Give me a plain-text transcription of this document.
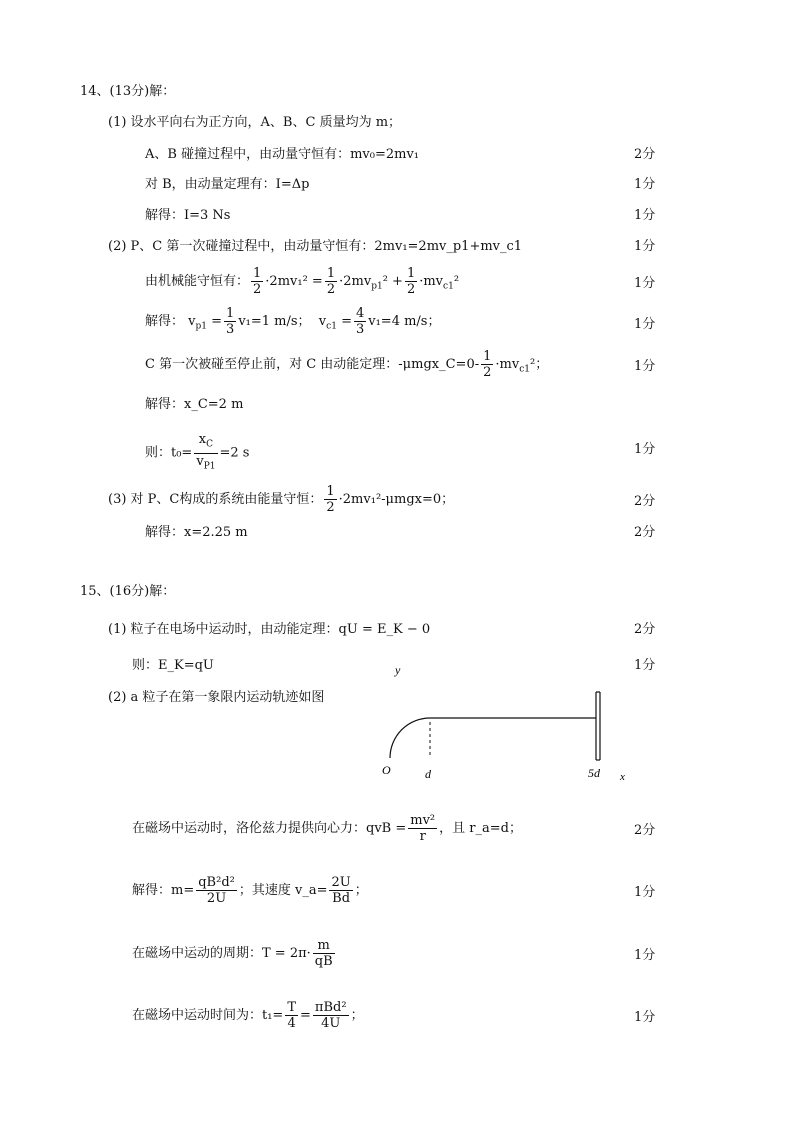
14、(13分)解：
(1) 设水平向右为正方向，A、B、C 质量均为 m；
A、B 碰撞过程中，由动量守恒有：mv₀=2mv₁	2分
对 B，由动量定理有：I=Δp	1分
解得：I=3 Ns	1分
(2) P、C 第一次碰撞过程中，由动量守恒有：2mv₁=2mv_p1+mv_c1	1分
由机械能守恒有： $\frac{1}{2} \cdot 2mv_1^2 = \frac{1}{2} \cdot 2mv_{p1}^2 + \frac{1}{2} \cdot mv_{c1}^2$	1分
解得： $v_{p1} = \frac{1}{3} v_1=1$ m/s；  $v_{c1} = \frac{4}{3} v_1=4$ m/s；	1分
C 第一次被碰至停止前，对 C 由动能定理：-μmgx_C=0- $\frac{1}{2} \cdot mv_{c1}^2$；	1分
解得：x_C=2 m
则：$t_0= \frac{x_C}{v_{P1}} =2$ s	1分
(3) 对 P、C构成的系统由能量守恒： $\frac{1}{2} \cdot 2mv_1^2-\mu mgx=0$；	2分
解得：x=2.25 m	2分
15、(16分)解：
(1) 粒子在电场中运动时，由动能定理：qU = E_K − 0	2分
则：E_K=qU	1分
(2) a 粒子在第一象限内运动轨迹如图
y
O	d	5d x
在磁场中运动时，洛伦兹力提供向心力：qvB = $\frac{\text{mv²}}{r}$ ，且 r_a=d；	2分
解得：$m= \frac{\text{qB²d²}}{2U}$ ；其速度 v_a= $\frac{2U}{Bd}$ ；	1分
在磁场中运动的周期：$T = 2\pi\cdot \frac{m}{qB}$	1分
在磁场中运动时间为：$t_1= \frac{T}{4} = \frac{\text{πBd²}}{4U}$ ；	1分
